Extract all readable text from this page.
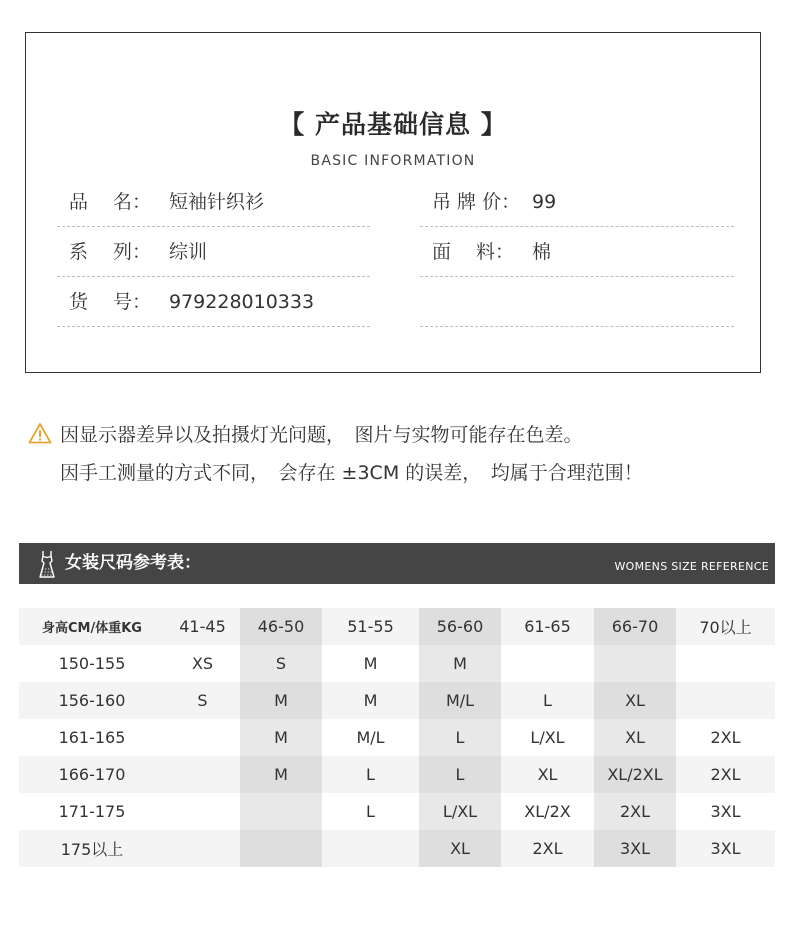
【 产品基础信息 】
BASIC INFORMATION
品　 名： 短袖针织衫
系　 列： 综训
货　 号： 979228010333
吊 牌 价： 99
面　 料： 棉
因显示器差异以及拍摄灯光问题，　图片与实物可能存在色差。
因手工测量的方式不同，　会存在 ±3CM 的误差，　均属于合理范围！
女装尺码参考表：	WOMENS SIZE REFERENCE
身高CM/体重KG	41-45	46-50	51-55	56-60	61-65	66-70	70以上
150-155	XS	S	M	M			
156-160	S	M	M	M/L	L	XL	
161-165		M	M/L	L	L/XL	XL	2XL
166-170		M	L	L	XL	XL/2XL	2XL
171-175			L	L/XL	XL/2X	2XL	3XL
175以上				XL	2XL	3XL	3XL
